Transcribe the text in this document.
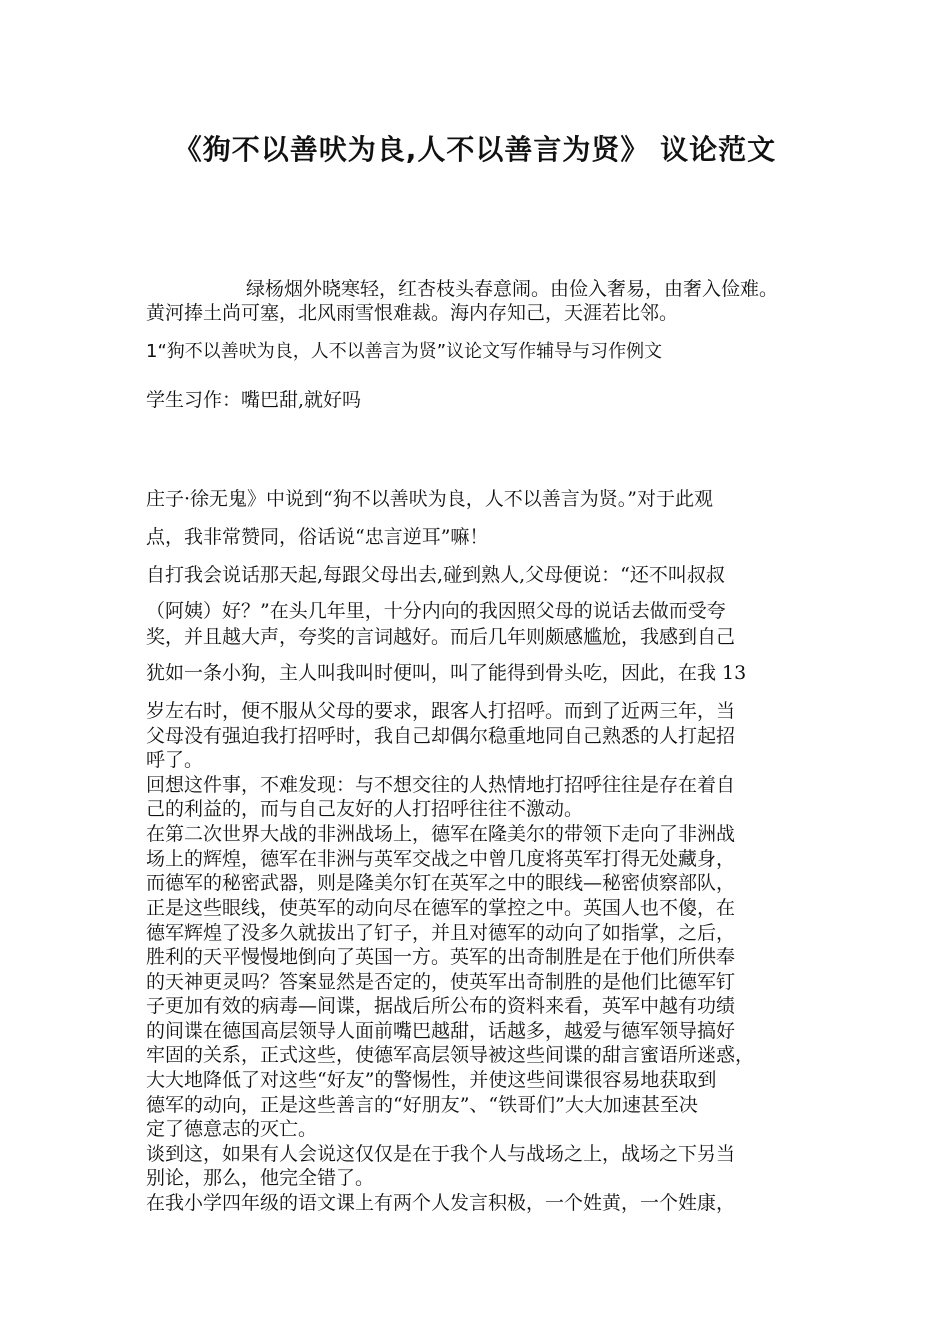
《狗不以善吠为良,人不以善言为贤》 议论范文
绿杨烟外晓寒轻，红杏枝头春意闹。由俭入奢易，由奢入俭难。
黄河捧土尚可塞，北风雨雪恨难裁。海内存知己，天涯若比邻。
1“狗不以善吠为良，人不以善言为贤”议论文写作辅导与习作例文
学生习作：嘴巴甜,就好吗
庄子·徐无鬼》中说到“狗不以善吠为良，人不以善言为贤。”对于此观
点，我非常赞同，俗话说“忠言逆耳”嘛！
自打我会说话那天起,每跟父母出去,碰到熟人,父母便说：“还不叫叔叔
（阿姨）好？”在头几年里，十分内向的我因照父母的说话去做而受夸
奖，并且越大声，夸奖的言词越好。而后几年则颇感尴尬，我感到自己
犹如一条小狗，主人叫我叫时便叫，叫了能得到骨头吃，因此，在我 13
岁左右时，便不服从父母的要求，跟客人打招呼。而到了近两三年，当
父母没有强迫我打招呼时，我自己却偶尔稳重地同自己熟悉的人打起招
呼了。
回想这件事，不难发现：与不想交往的人热情地打招呼往往是存在着自
己的利益的，而与自己友好的人打招呼往往不激动。
在第二次世界大战的非洲战场上，德军在隆美尔的带领下走向了非洲战
场上的辉煌，德军在非洲与英军交战之中曾几度将英军打得无处藏身，
而德军的秘密武器，则是隆美尔钉在英军之中的眼线—秘密侦察部队，
正是这些眼线，使英军的动向尽在德军的掌控之中。英国人也不傻，在
德军辉煌了没多久就拔出了钉子，并且对德军的动向了如指掌，之后，
胜利的天平慢慢地倒向了英国一方。英军的出奇制胜是在于他们所供奉
的天神更灵吗？答案显然是否定的，使英军出奇制胜的是他们比德军钉
子更加有效的病毒—间谍，据战后所公布的资料来看，英军中越有功绩
的间谍在德国高层领导人面前嘴巴越甜，话越多，越爱与德军领导搞好
牢固的关系，正式这些，使德军高层领导被这些间谍的甜言蜜语所迷惑，
大大地降低了对这些“好友”的警惕性，并使这些间谍很容易地获取到
德军的动向，正是这些善言的“好朋友”、“铁哥们”大大加速甚至决
定了德意志的灭亡。
谈到这，如果有人会说这仅仅是在于我个人与战场之上，战场之下另当
别论，那么，他完全错了。
在我小学四年级的语文课上有两个人发言积极，一个姓黄，一个姓康，
